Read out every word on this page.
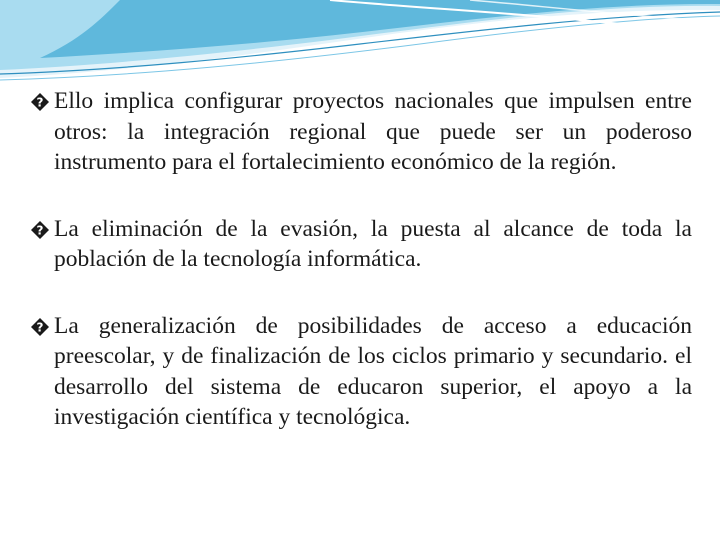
? Ello implica configurar proyectos nacionales que impulsen entre otros: la integración regional que puede ser un poderoso instrumento para el fortalecimiento económico de la región.
? La eliminación de la evasión, la puesta al alcance de toda la población de la tecnología informática.
? La generalización de posibilidades de acceso a educación preescolar, y de finalización de los ciclos primario y secundario. el desarrollo del sistema de educaron superior, el apoyo a la investigación científica y tecnológica.
